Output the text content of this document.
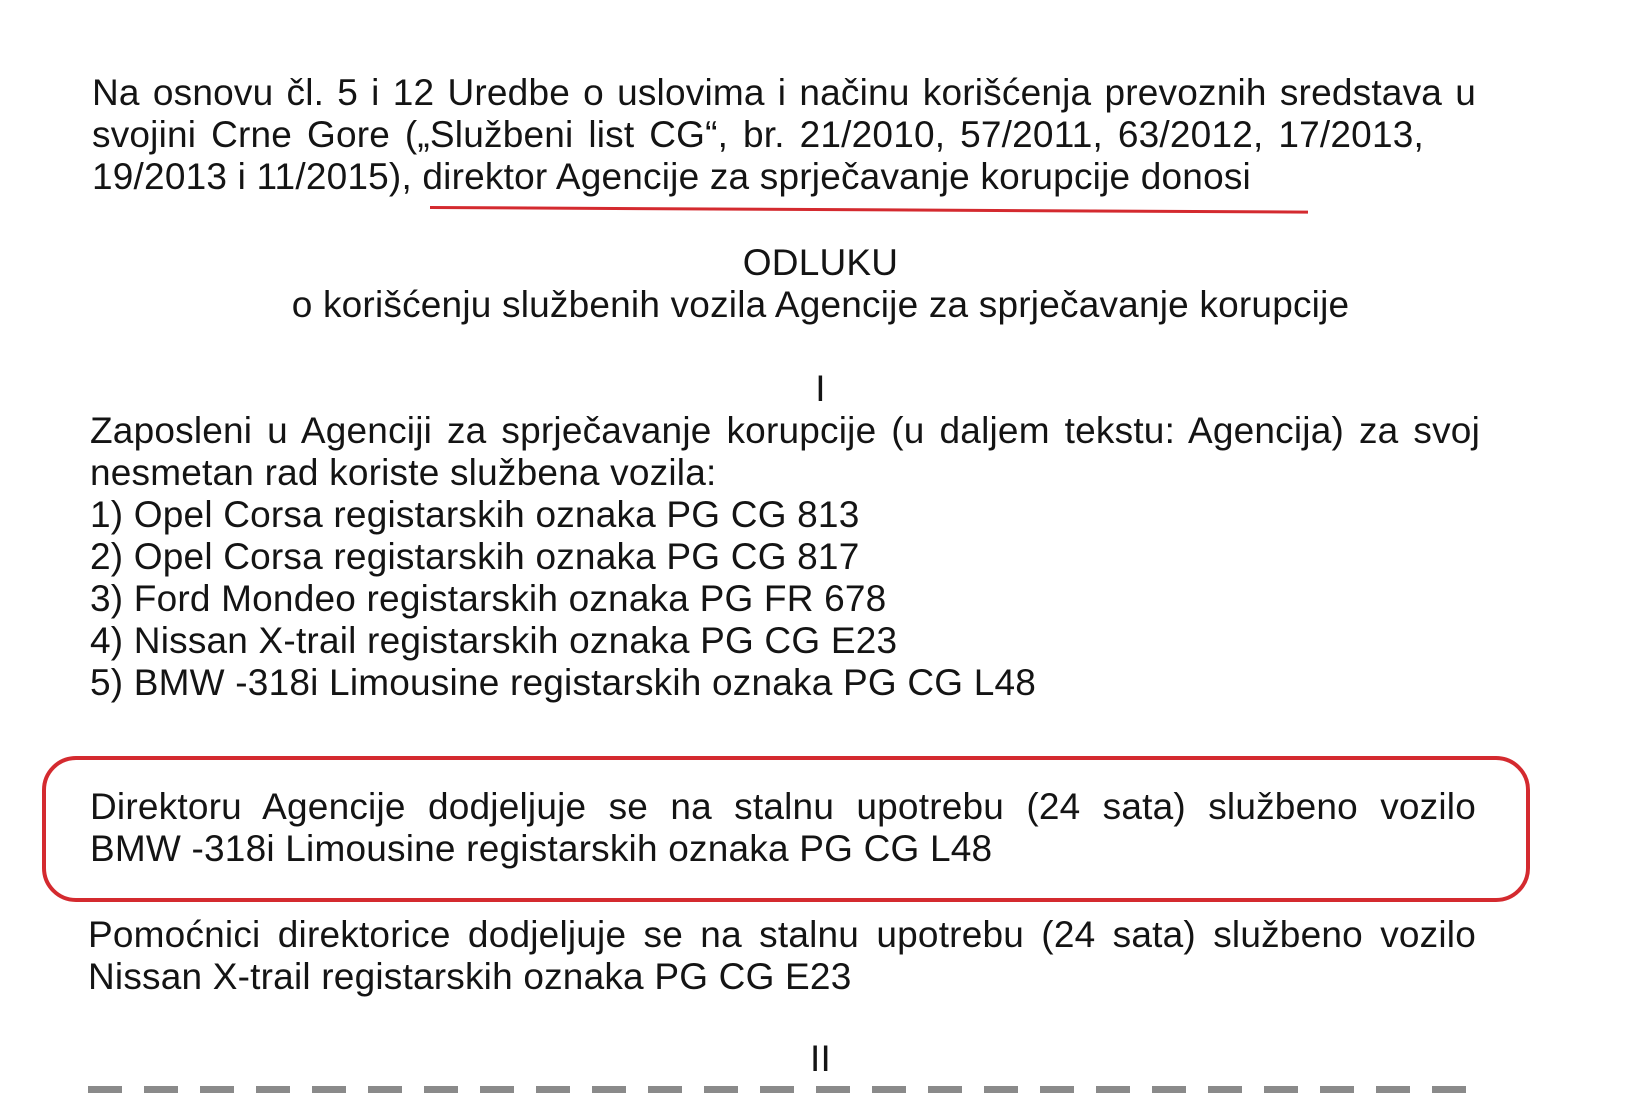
Na osnovu čl. 5 i 12 Uredbe o uslovima i načinu korišćenja prevoznih sredstava u

svojini Crne Gore („Službeni list CG“, br. 21/2010, 57/2011, 63/2012, 17/2013,

19/2013 i 11/2015), direktor Agencije za sprječavanje korupcije donosi

ODLUKU

o korišćenju službenih vozila Agencije za sprječavanje korupcije

I

Zaposleni u Agenciji za sprječavanje korupcije (u daljem tekstu: Agencija) za svoj

nesmetan rad koriste službena vozila:

1) Opel Corsa registarskih oznaka PG CG 813

2) Opel Corsa registarskih oznaka PG CG 817

3) Ford Mondeo registarskih oznaka PG FR 678

4) Nissan X-trail registarskih oznaka PG CG E23

5) BMW -318i Limousine registarskih oznaka PG CG L48

Direktoru Agencije dodjeljuje se na stalnu upotrebu (24 sata) službeno vozilo

BMW -318i Limousine registarskih oznaka PG CG L48

Pomoćnici direktorice dodjeljuje se na stalnu upotrebu (24 sata) službeno vozilo

Nissan X-trail registarskih oznaka PG CG E23

II
